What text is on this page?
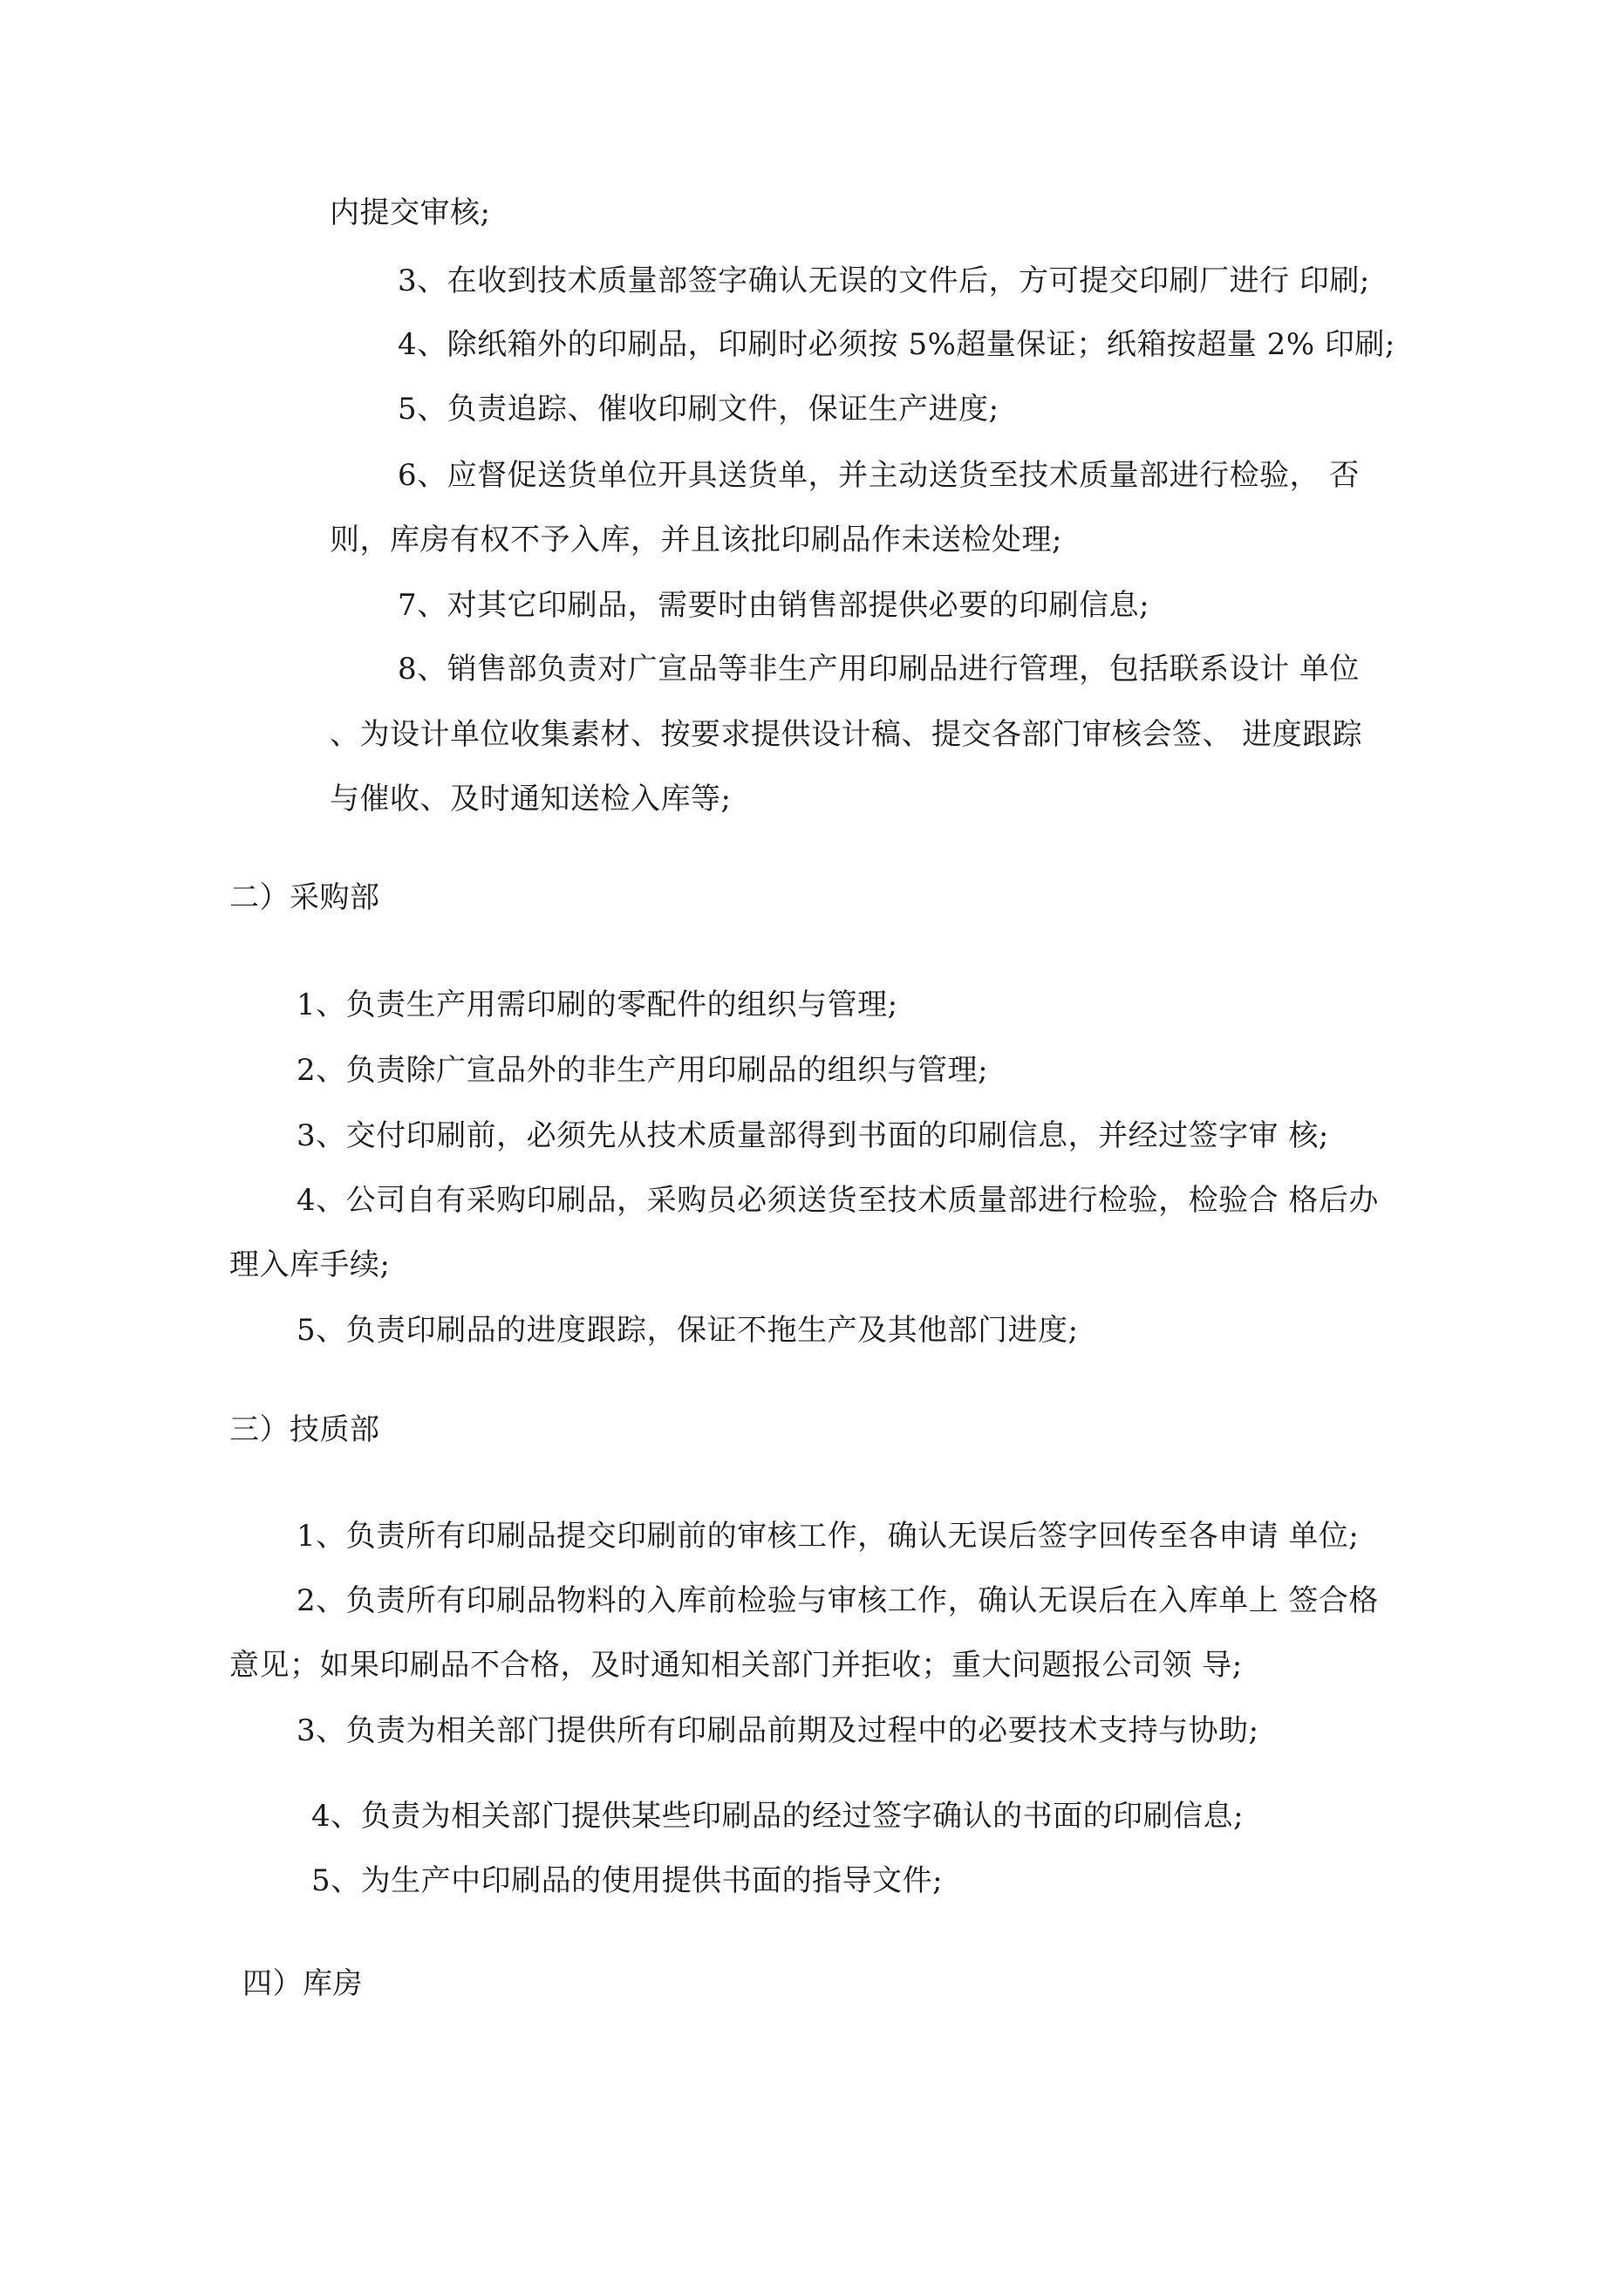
内提交审核;

3、在收到技术质量部签字确认无误的文件后，方可提交印刷厂进行 印刷;

4、除纸箱外的印刷品，印刷时必须按 5%超量保证；纸箱按超量 2% 印刷;

5、负责追踪、催收印刷文件，保证生产进度;

6、应督促送货单位开具送货单，并主动送货至技术质量部进行检验， 否

则，库房有权不予入库，并且该批印刷品作未送检处理;

7、对其它印刷品，需要时由销售部提供必要的印刷信息;

8、销售部负责对广宣品等非生产用印刷品进行管理，包括联系设计 单位

、为设计单位收集素材、按要求提供设计稿、提交各部门审核会签、 进度跟踪

与催收、及时通知送检入库等;

二）采购部

1、负责生产用需印刷的零配件的组织与管理;

2、负责除广宣品外的非生产用印刷品的组织与管理;

3、交付印刷前，必须先从技术质量部得到书面的印刷信息，并经过签字审 核;

4、公司自有采购印刷品，采购员必须送货至技术质量部进行检验，检验合 格后办

理入库手续;

5、负责印刷品的进度跟踪，保证不拖生产及其他部门进度;

三）技质部

1、负责所有印刷品提交印刷前的审核工作，确认无误后签字回传至各申请 单位;

2、负责所有印刷品物料的入库前检验与审核工作，确认无误后在入库单上 签合格

意见；如果印刷品不合格，及时通知相关部门并拒收；重大问题报公司领 导;

3、负责为相关部门提供所有印刷品前期及过程中的必要技术支持与协助;

4、负责为相关部门提供某些印刷品的经过签字确认的书面的印刷信息;

5、为生产中印刷品的使用提供书面的指导文件;

四）库房
